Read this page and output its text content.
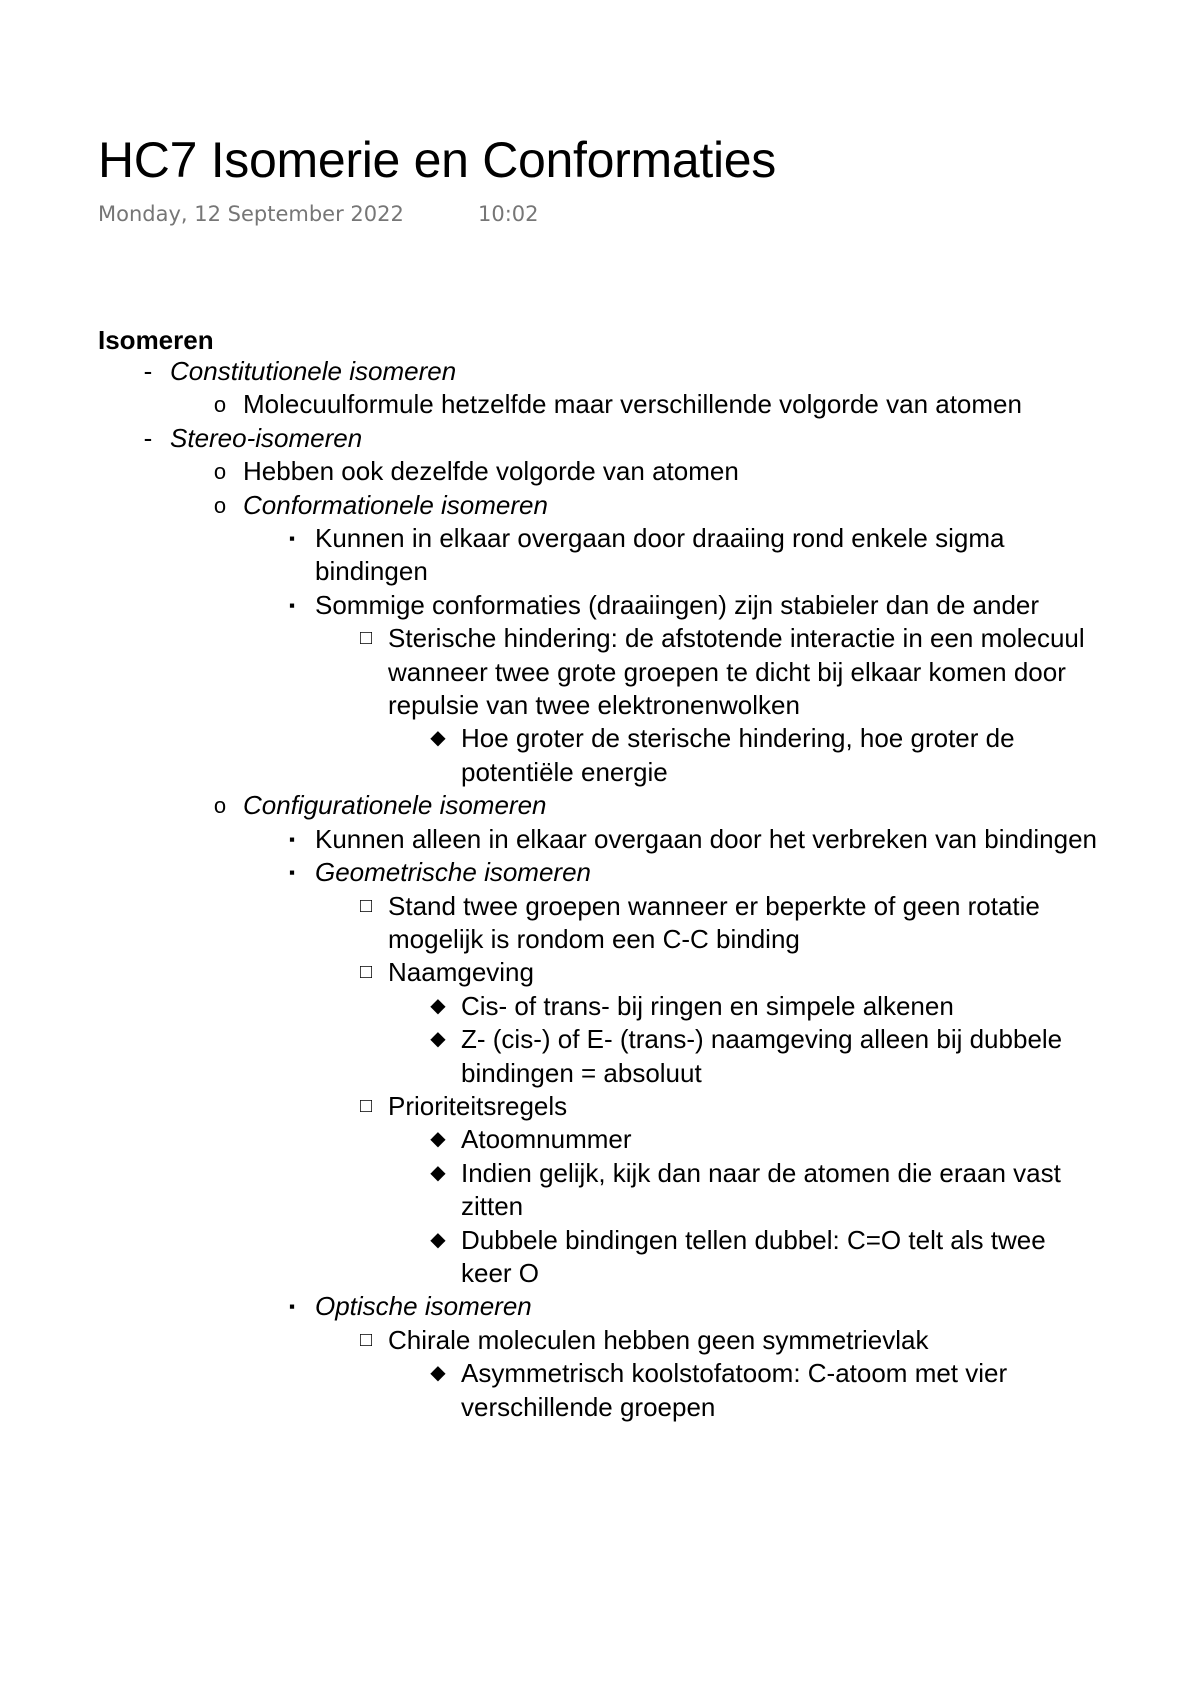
HC7 Isomerie en Conformaties
Monday, 12 September 2022	10:02
Isomeren
- Constitutionele isomeren
o Molecuulformule hetzelfde maar verschillende volgorde van atomen
- Stereo-isomeren
o Hebben ook dezelfde volgorde van atomen
o Conformationele isomeren
▪ Kunnen in elkaar overgaan door draaiing rond enkele sigma bindingen
▪ Sommige conformaties (draaiingen) zijn stabieler dan de ander
□ Sterische hindering: de afstotende interactie in een molecuul wanneer twee grote groepen te dicht bij elkaar komen door repulsie van twee elektronenwolken
◆ Hoe groter de sterische hindering, hoe groter de potentiële energie
o Configurationele isomeren
▪ Kunnen alleen in elkaar overgaan door het verbreken van bindingen
▪ Geometrische isomeren
□ Stand twee groepen wanneer er beperkte of geen rotatie mogelijk is rondom een C-C binding
□ Naamgeving
◆ Cis- of trans- bij ringen en simpele alkenen
◆ Z- (cis-) of E- (trans-) naamgeving alleen bij dubbele bindingen = absoluut
□ Prioriteitsregels
◆ Atoomnummer
◆ Indien gelijk, kijk dan naar de atomen die eraan vast zitten
◆ Dubbele bindingen tellen dubbel: C=O telt als twee keer O
▪ Optische isomeren
□ Chirale moleculen hebben geen symmetrievlak
◆ Asymmetrisch koolstofatoom: C-atoom met vier verschillende groepen
